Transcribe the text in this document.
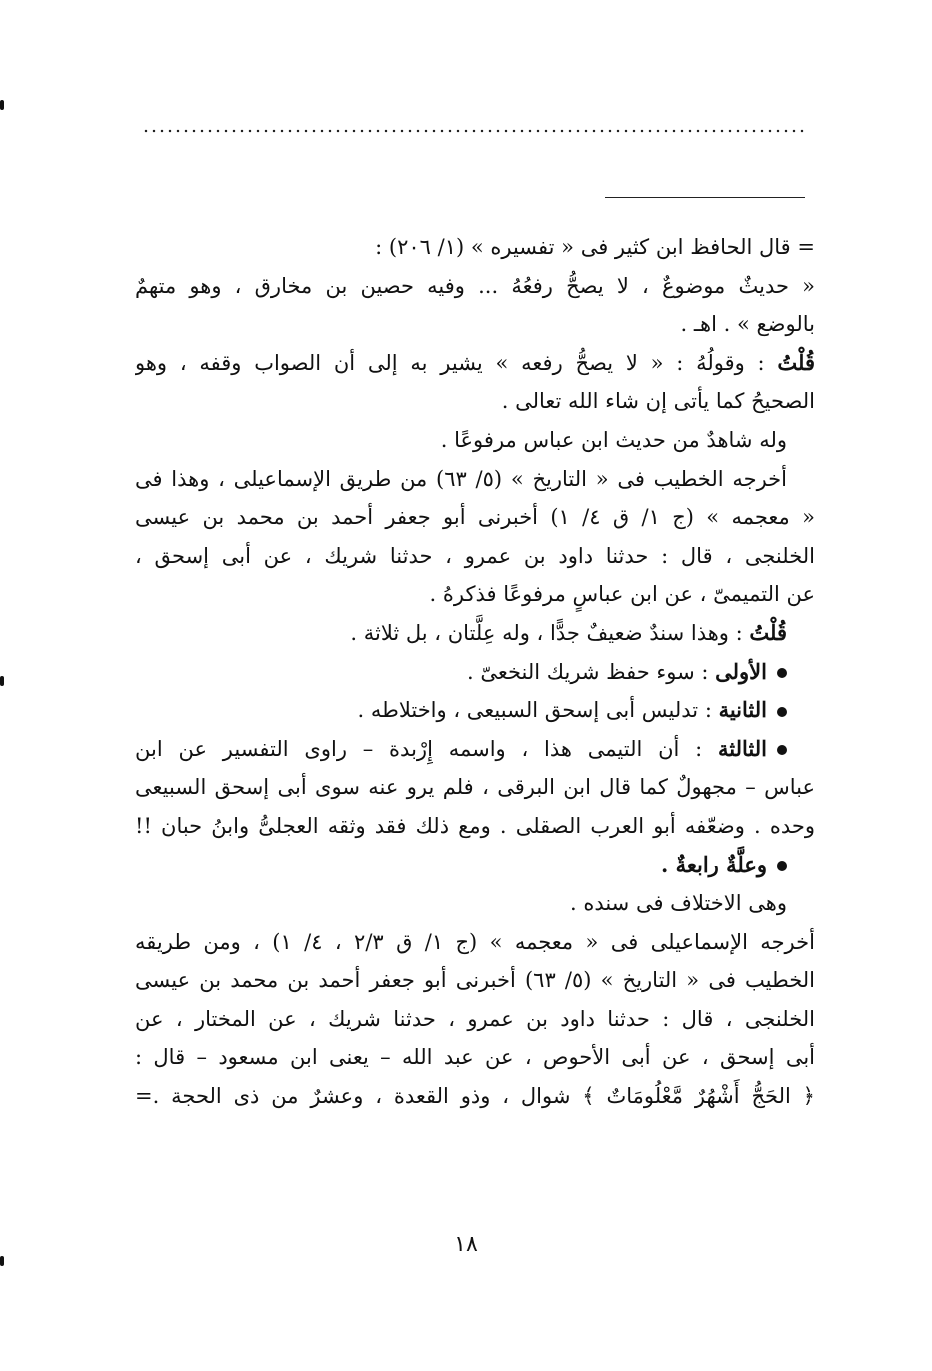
= قال الحافظ ابن كثير فى « تفسيره » (١/ ٢٠٦) :
« حديثٌ موضوعٌ ، لا يصحُّ رفعُهُ ... وفيه حصين بن مخارق ، وهو متهمٌ
بالوضع » . اهـ .
قُلْتُ : وقولُهُ : « لا يصحُّ رفعه » يشير به إلى أن الصواب وقفه ، وهو
الصحيحُ كما يأتى إن شاء الله تعالى .
وله شاهدٌ من حديث ابن عباس مرفوعًا .
أخرجه الخطيب فى « التاريخ » (٥/ ٦٣) من طريق الإسماعيلى ، وهذا فى
« معجمه » (ج ١/ ق ٤/ ١) أخبرنى أبو جعفر أحمد بن محمد بن عيسى
الخلنجى ، قال : حدثنا داود بن عمرو ، حدثنا شريك ، عن أبى إسحق ،
عن التميمىّ ، عن ابن عباسٍ مرفوعًا فذكرهُ .
قُلْتُ : وهذا سندٌ ضعيفٌ جدًّا ، وله عِلَّتان ، بل ثلاثة .
الأولى : سوء حفظ شريك النخعىّ .
الثانية : تدليس أبى إسحق السبيعى ، واختلاطه .
الثالثة : أن التيمى هذا ، واسمه إِرْبدة – راوى التفسير عن ابن
عباس – مجهولٌ كما قال ابن البرقى ، فلم يرو عنه سوى أبى إسحق السبيعى
وحده . وضعّفه أبو العرب الصقلى . ومع ذلك فقد وثقه العجلىُّ وابنُ حبان !!
وعلَّةٌ رابعةٌ .
وهى الاختلاف فى سنده .
أخرجه الإسماعيلى فى « معجمه » (ج ١/ ق ٢/٣ ، ٤/ ١) ، ومن طريقه
الخطيب فى « التاريخ » (٥/ ٦٣) أخبرنى أبو جعفر أحمد بن محمد بن عيسى
الخلنجى ، قال : حدثنا داود بن عمرو ، حدثنا شريك ، عن المختار ، عن
أبى إسحق ، عن أبى الأحوص ، عن عبد الله – يعنى ابن مسعود – قال :
﴿ الحَجُّ أَشْهُرٌ مَّعْلُومَاتٌ ﴾ شوال ، وذو القعدة ، وعشرٌ من ذى الحجة .=
١٨
